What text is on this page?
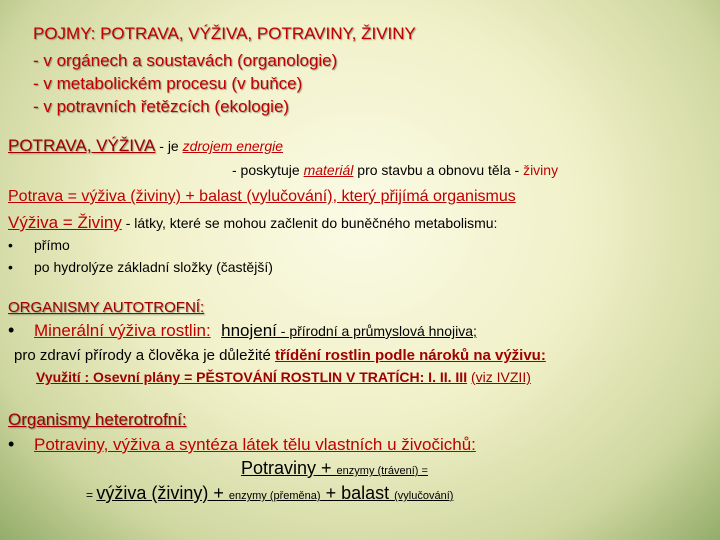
POJMY: POTRAVA, VÝŽIVA, POTRAVINY, ŽIVINY
- v orgánech a soustavách (organologie)
- v metabolickém procesu (v buňce)
- v potravních řetězcích (ekologie)
POTRAVA, VÝŽIVA - je zdrojem energie
- poskytuje materiál pro stavbu a obnovu těla - živiny
Potrava = výživa (živiny) + balast (vylučování), který přijímá organismus
Výživa = Živiny - látky, které se mohou začlenit do buněčného metabolismu:
• přímo
• po hydrolýze základní složky (častější)
ORGANISMY AUTOTROFNÍ:
• Minerální výživa rostlin: hnojení - přírodní a průmyslová hnojiva;
pro zdraví přírody a člověka je důležité třídění rostlin podle nároků na výživu:
Využití : Osevní plány = PĚSTOVÁNÍ ROSTLIN V TRATÍCH: I. II. III (viz IVZII)
Organismy heterotrofní:
• Potraviny, výživa a syntéza látek tělu vlastních u živočichů:
Potraviny + enzymy (trávení) =
= výživa (živiny) + enzymy (přeměna) + balast (vylučování)
